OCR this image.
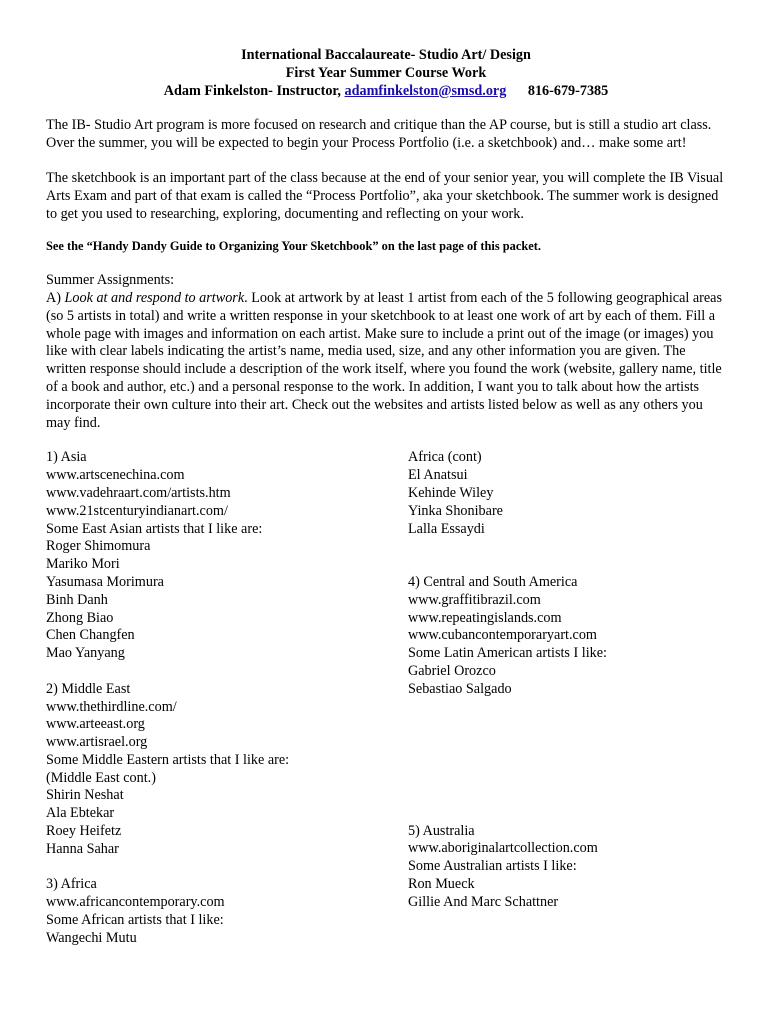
International Baccalaureate- Studio Art/ Design
First Year Summer Course Work
Adam Finkelston- Instructor, adamfinkelston@smsd.org 816-679-7385

The IB- Studio Art program is more focused on research and critique than the AP course, but is still a studio art class. Over the summer, you will be expected to begin your Process Portfolio (i.e. a sketchbook) and… make some art!

The sketchbook is an important part of the class because at the end of your senior year, you will complete the IB Visual Arts Exam and part of that exam is called the “Process Portfolio”, aka your sketchbook. The summer work is designed to get you used to researching, exploring, documenting and reflecting on your work.

See the “Handy Dandy Guide to Organizing Your Sketchbook” on the last page of this packet.

Summer Assignments:
A) Look at and respond to artwork. Look at artwork by at least 1 artist from each of the 5 following geographical areas (so 5 artists in total) and write a written response in your sketchbook to at least one work of art by each of them. Fill a whole page with images and information on each artist. Make sure to include a print out of the image (or images) you like with clear labels indicating the artist’s name, media used, size, and any other information you are given. The written response should include a description of the work itself, where you found the work (website, gallery name, title of a book and author, etc.) and a personal response to the work. In addition, I want you to talk about how the artists incorporate their own culture into their art. Check out the websites and artists listed below as well as any others you may find.
1) Asia
www.artscenechina.com
www.vadehraart.com/artists.htm
www.21stcenturyindianart.com/
Some East Asian artists that I like are:
Roger Shimomura
Mariko Mori
Yasumasa Morimura
Binh Danh
Zhong Biao
Chen Changfen
Mao Yanyang
2) Middle East
www.thethirdline.com/
www.arteeast.org
www.artisrael.org
Some Middle Eastern artists that I like are:
(Middle East cont.)
Shirin Neshat
Ala Ebtekar
Roey Heifetz
Hanna Sahar
3) Africa
www.africancontemporary.com
Some African artists that I like:
Wangechi Mutu
Africa (cont)
El Anatsui
Kehinde Wiley
Yinka Shonibare
Lalla Essaydi
4) Central and South America
www.graffitibrazil.com
www.repeatingislands.com
www.cubancontemporaryart.com
Some Latin American artists I like:
Gabriel Orozco
Sebastiao Salgado
5) Australia
www.aboriginalartcollection.com
Some Australian artists I like:
Ron Mueck
Gillie And Marc Schattner
